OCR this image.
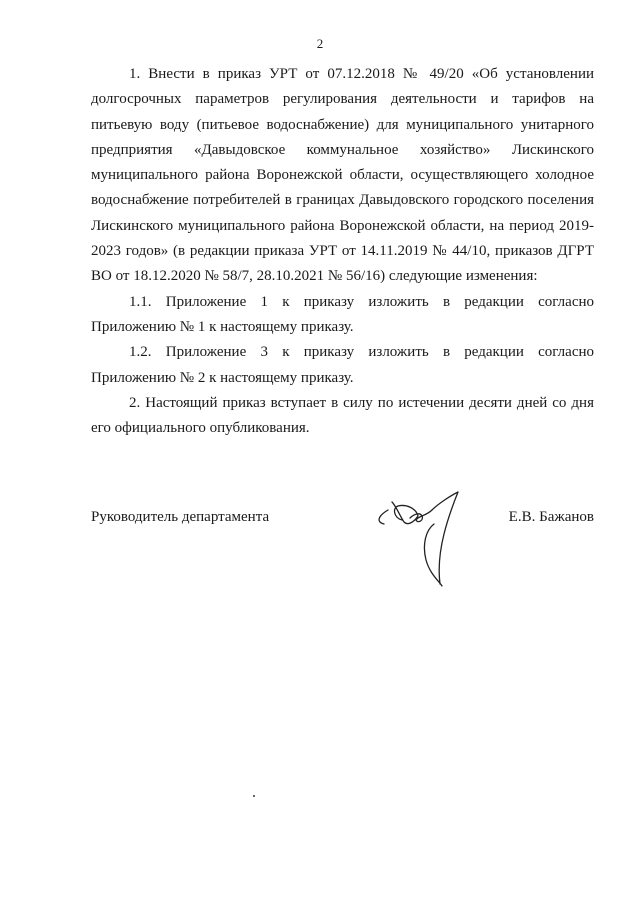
2

1. Внести в приказ УРТ от 07.12.2018 № 49/20 «Об установлении долгосрочных параметров регулирования деятельности и тарифов на питьевую воду (питьевое водоснабжение) для муниципального унитарного предприятия «Давыдовское коммунальное хозяйство» Лискинского муниципального района Воронежской области, осуществляющего холодное водоснабжение потребителей в границах Давыдовского городского поселения Лискинского муниципального района Воронежской области, на период 2019-2023 годов» (в редакции приказа УРТ от 14.11.2019 № 44/10, приказов ДГРТ ВО от 18.12.2020 № 58/7, 28.10.2021 № 56/16) следующие изменения:

1.1. Приложение 1 к приказу изложить в редакции согласно Приложению № 1 к настоящему приказу.

1.2. Приложение 3 к приказу изложить в редакции согласно Приложению № 2 к настоящему приказу.

2. Настоящий приказ вступает в силу по истечении десяти дней со дня его официального опубликования.

Руководитель департамента	Е.В. Бажанов
